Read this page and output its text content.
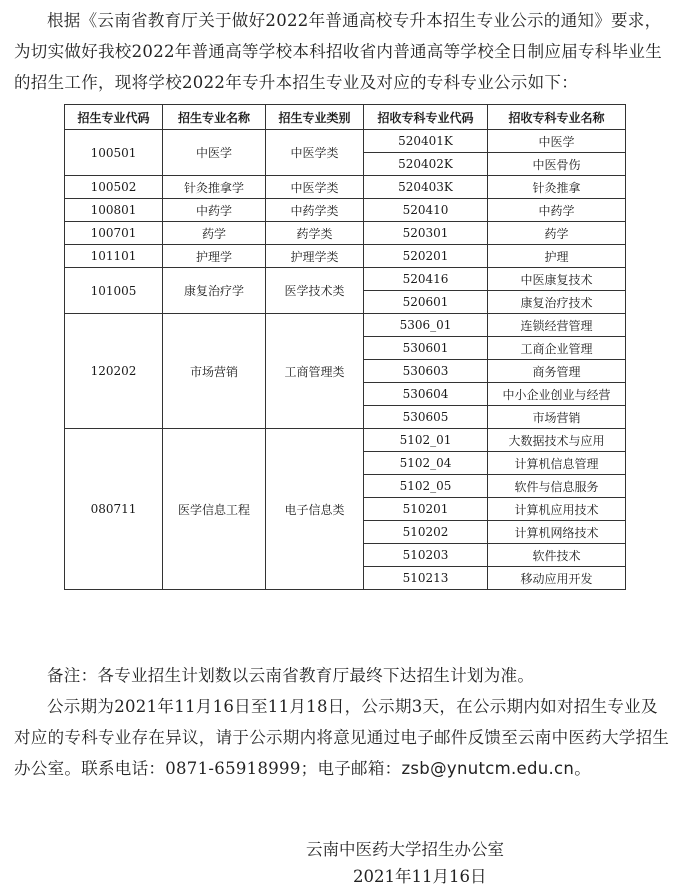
根据《云南省教育厅关于做好2022年普通高校专升本招生专业公示的通知》要求，为切实做好我校2022年普通高等学校本科招收省内普通高等学校全日制应届专科毕业生的招生工作，现将学校2022年专升本招生专业及对应的专科专业公示如下：

招生专业代码	招生专业名称	招生专业类别	招收专科专业代码	招收专科专业名称
100501	中医学	中医学类	520401K	中医学
			520402K	中医骨伤
100502	针灸推拿学	中医学类	520403K	针灸推拿
100801	中药学	中药学类	520410	中药学
100701	药学	药学类	520301	药学
101101	护理学	护理学类	520201	护理
101005	康复治疗学	医学技术类	520416	中医康复技术
			520601	康复治疗技术
120202	市场营销	工商管理类	5306_01	连锁经营管理
			530601	工商企业管理
			530603	商务管理
			530604	中小企业创业与经营
			530605	市场营销
080711	医学信息工程	电子信息类	5102_01	大数据技术与应用
			5102_04	计算机信息管理
			5102_05	软件与信息服务
			510201	计算机应用技术
			510202	计算机网络技术
			510203	软件技术
			510213	移动应用开发

备注：各专业招生计划数以云南省教育厅最终下达招生计划为准。

公示期为2021年11月16日至11月18日，公示期3天，在公示期内如对招生专业及对应的专科专业存在异议，请于公示期内将意见通过电子邮件反馈至云南中医药大学招生办公室。联系电话：0871-65918999；电子邮箱：zsb@ynutcm.edu.cn。

云南中医药大学招生办公室
2021年11月16日
